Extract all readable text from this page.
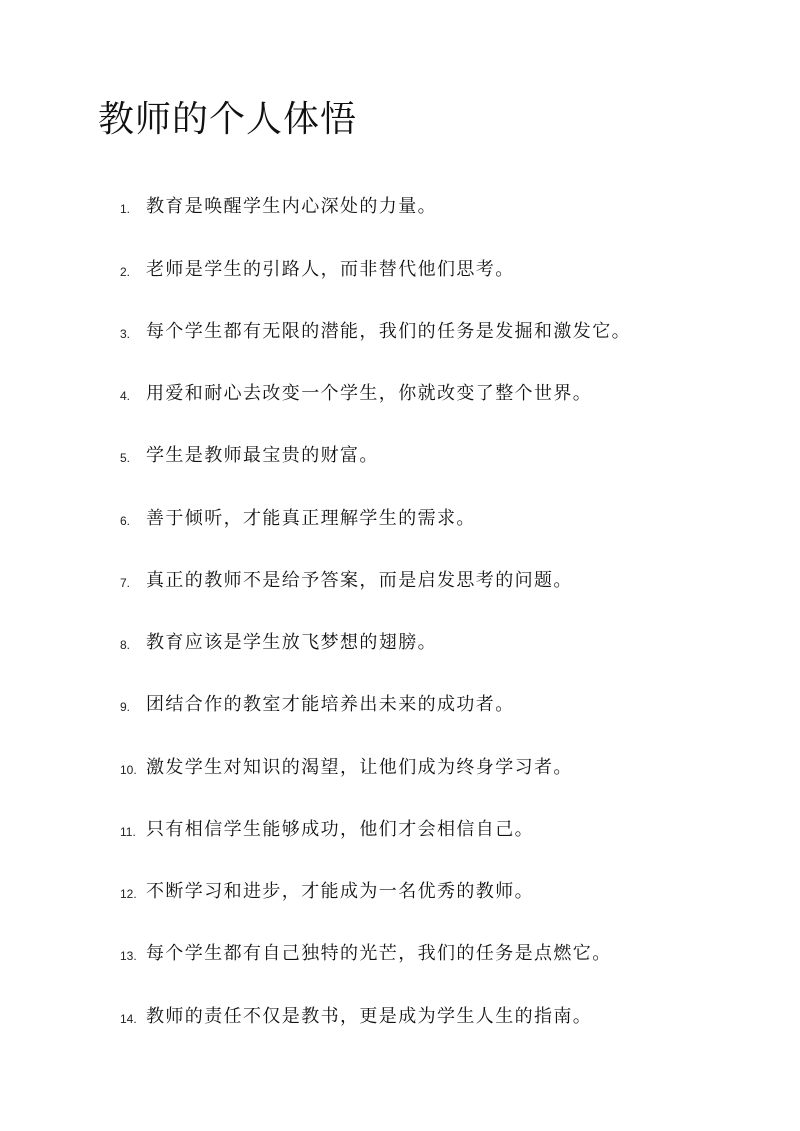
教师的个人体悟
1. 教育是唤醒学生内心深处的力量。
2. 老师是学生的引路人，而非替代他们思考。
3. 每个学生都有无限的潜能，我们的任务是发掘和激发它。
4. 用爱和耐心去改变一个学生，你就改变了整个世界。
5. 学生是教师最宝贵的财富。
6. 善于倾听，才能真正理解学生的需求。
7. 真正的教师不是给予答案，而是启发思考的问题。
8. 教育应该是学生放飞梦想的翅膀。
9. 团结合作的教室才能培养出未来的成功者。
10. 激发学生对知识的渴望，让他们成为终身学习者。
11. 只有相信学生能够成功，他们才会相信自己。
12. 不断学习和进步，才能成为一名优秀的教师。
13. 每个学生都有自己独特的光芒，我们的任务是点燃它。
14. 教师的责任不仅是教书，更是成为学生人生的指南。
